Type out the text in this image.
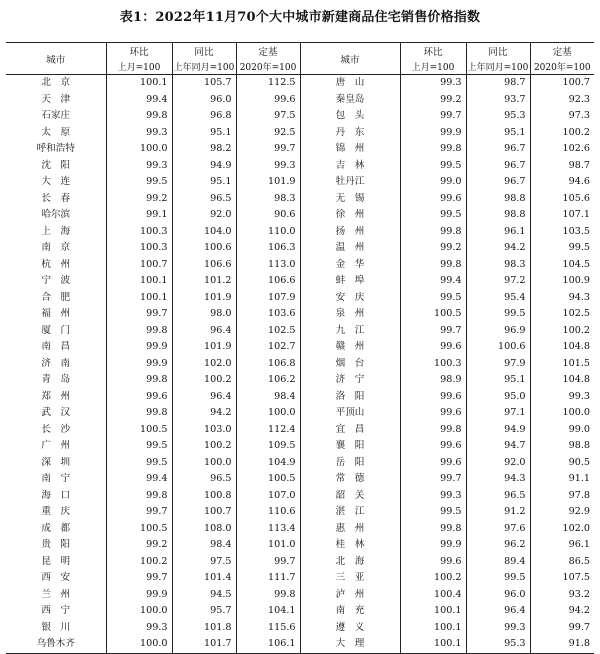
表1：2022年11月70个大中城市新建商品住宅销售价格指数
城市	环比	同比	定基	城市	环比	同比	定基
	上月=100	上年同月=100	2020年=100		上月=100	上年同月=100	2020年=100
北　京	100.1	105.7	112.5	唐　山	99.3	98.7	100.7
天　津	99.4	96.0	99.6	秦皇岛	99.2	93.7	92.3
石家庄	99.8	96.8	97.5	包　头	99.7	95.3	97.3
太　原	99.3	95.1	92.5	丹　东	99.9	95.1	100.2
呼和浩特	100.0	98.2	99.7	锦　州	99.8	96.7	102.6
沈　阳	99.3	94.9	99.3	吉　林	99.5	96.7	98.7
大　连	99.5	95.1	101.9	牡丹江	99.0	96.7	94.6
长　春	99.2	96.5	98.3	无　锡	99.6	98.8	105.6
哈尔滨	99.1	92.0	90.6	徐　州	99.5	98.8	107.1
上　海	100.3	104.0	110.0	扬　州	99.8	96.1	103.5
南　京	100.3	100.6	106.3	温　州	99.2	94.2	99.5
杭　州	100.7	106.6	113.0	金　华	99.8	98.3	104.5
宁　波	100.1	101.2	106.6	蚌　埠	99.4	97.2	100.9
合　肥	100.1	101.9	107.9	安　庆	99.5	95.4	94.3
福　州	99.7	98.0	103.6	泉　州	100.5	99.5	102.5
厦　门	99.8	96.4	102.5	九　江	99.7	96.9	100.2
南　昌	99.9	101.9	102.7	赣　州	99.6	100.6	104.8
济　南	99.9	102.0	106.8	烟　台	100.3	97.9	101.5
青　岛	99.8	100.2	106.2	济　宁	98.9	95.1	104.8
郑　州	99.6	96.4	98.4	洛　阳	99.6	95.0	99.3
武　汉	99.8	94.2	100.0	平顶山	99.6	97.1	100.0
长　沙	100.5	103.0	112.4	宜　昌	99.8	94.9	99.0
广　州	99.5	100.2	109.5	襄　阳	99.6	94.7	98.8
深　圳	99.5	100.0	104.9	岳　阳	99.6	92.0	90.5
南　宁	99.4	96.5	100.5	常　德	99.7	94.3	91.1
海　口	99.8	100.8	107.0	韶　关	99.3	96.5	97.8
重　庆	99.7	100.7	110.6	湛　江	99.5	91.2	92.9
成　都	100.5	108.0	113.4	惠　州	99.8	97.6	102.0
贵　阳	99.2	98.4	101.0	桂　林	99.9	96.2	96.1
昆　明	100.2	97.5	99.7	北　海	99.6	89.4	86.5
西　安	99.7	101.4	111.7	三　亚	100.2	99.5	107.5
兰　州	99.9	94.5	99.8	泸　州	100.4	96.0	93.2
西　宁	100.0	95.7	104.1	南　充	100.1	96.4	94.2
银　川	99.3	101.8	115.6	遵　义	100.1	99.3	99.7
乌鲁木齐	100.0	101.7	106.1	大　理	100.1	95.3	91.8
